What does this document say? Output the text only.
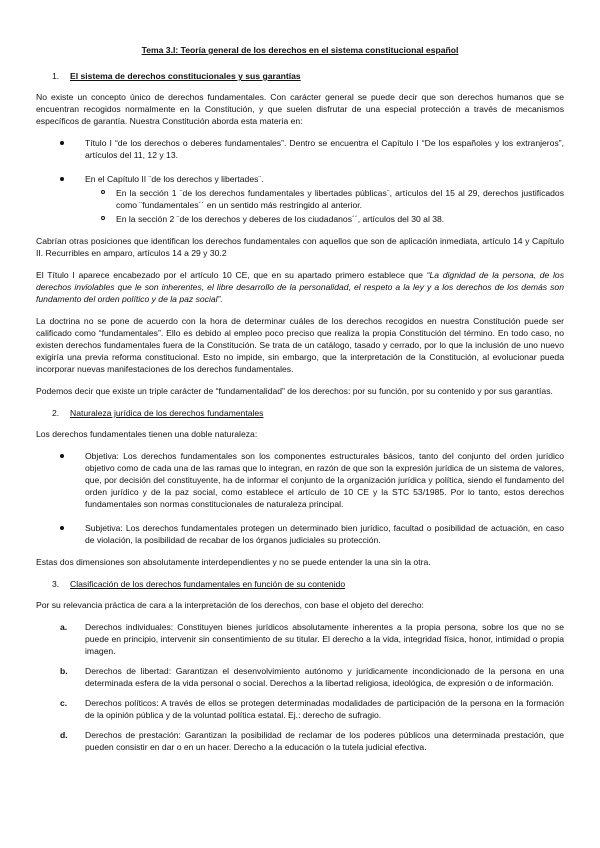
Tema 3.I: Teoría general de los derechos en el sistema constitucional español
1. El sistema de derechos constitucionales y sus garantías

No existe un concepto único de derechos fundamentales. Con carácter general se puede decir que son derechos humanos que se encuentran recogidos normalmente en la Constitución, y que suelen disfrutar de una especial protección a través de mecanismos específicos de garantía. Nuestra Constitución aborda esta materia en:

Título I “de los derechos o deberes fundamentales”. Dentro se encuentra el Capítulo I “De los españoles y los extranjeros”, artículos del 11, 12 y 13.
En el Capítulo II ¨de los derechos y libertades¨.
En la sección 1 ¨de los derechos fundamentales y libertades públicas¨, artículos del 15 al 29, derechos justificados como ¨fundamentales´´ en un sentido más restringido al anterior.
En la sección 2 ¨de los derechos y deberes de los ciudadanos´´, artículos del 30 al 38.

Cabrían otras posiciones que identifican los derechos fundamentales con aquellos que son de aplicación inmediata, artículo 14 y Capítulo II. Recurribles en amparo, artículos 14 a 29 y 30.2

El Título I aparece encabezado por el artículo 10 CE, que en su apartado primero establece que “La dignidad de la persona, de los derechos inviolables que le son inherentes, el libre desarrollo de la personalidad, el respeto a la ley y a los derechos de los demás son fundamento del orden político y de la paz social”.

La doctrina no se pone de acuerdo con la hora de determinar cuáles de los derechos recogidos en nuestra Constitución puede ser calificado como “fundamentales”. Ello es debido al empleo poco preciso que realiza la propia Constitución del término. En todo caso, no existen derechos fundamentales fuera de la Constitución. Se trata de un catálogo, tasado y cerrado, por lo que la inclusión de uno nuevo exigiría una previa reforma constitucional. Esto no impide, sin embargo, que la interpretación de la Constitución, al evolucionar pueda incorporar nuevas manifestaciones de los derechos fundamentales.

Podemos decir que existe un triple carácter de “fundamentalidad” de los derechos: por su función, por su contenido y por sus garantías.

2. Naturaleza jurídica de los derechos fundamentales

Los derechos fundamentales tienen una doble naturaleza:

Objetiva: Los derechos fundamentales son los componentes estructurales básicos, tanto del conjunto del orden jurídico objetivo como de cada una de las ramas que lo integran, en razón de que son la expresión jurídica de un sistema de valores, que, por decisión del constituyente, ha de informar el conjunto de la organización jurídica y política, siendo el fundamento del orden jurídico y de la paz social, como establece el artículo de 10 CE y la STC 53/1985. Por lo tanto, estos derechos fundamentales son normas constitucionales de naturaleza principal.
Subjetiva: Los derechos fundamentales protegen un determinado bien jurídico, facultad o posibilidad de actuación, en caso de violación, la posibilidad de recabar de los órganos judiciales su protección.

Estas dos dimensiones son absolutamente interdependientes y no se puede entender la una sin la otra.

3. Clasificación de los derechos fundamentales en función de su contenido

Por su relevancia práctica de cara a la interpretación de los derechos, con base el objeto del derecho:

a. Derechos individuales: Constituyen bienes jurídicos absolutamente inherentes a la propia persona, sobre los que no se puede en principio, intervenir sin consentimiento de su titular. El derecho a la vida, integridad física, honor, intimidad o propia imagen.
b. Derechos de libertad: Garantizan el desenvolvimiento autónomo y jurídicamente incondicionado de la persona en una determinada esfera de la vida personal o social. Derechos a la libertad religiosa, ideológica, de expresión o de información.
c. Derechos políticos: A través de ellos se protegen determinadas modalidades de participación de la persona en la formación de la opinión pública y de la voluntad política estatal. Ej.: derecho de sufragio.
d. Derechos de prestación: Garantizan la posibilidad de reclamar de los poderes públicos una determinada prestación, que pueden consistir en dar o en un hacer. Derecho a la educación o la tutela judicial efectiva.
